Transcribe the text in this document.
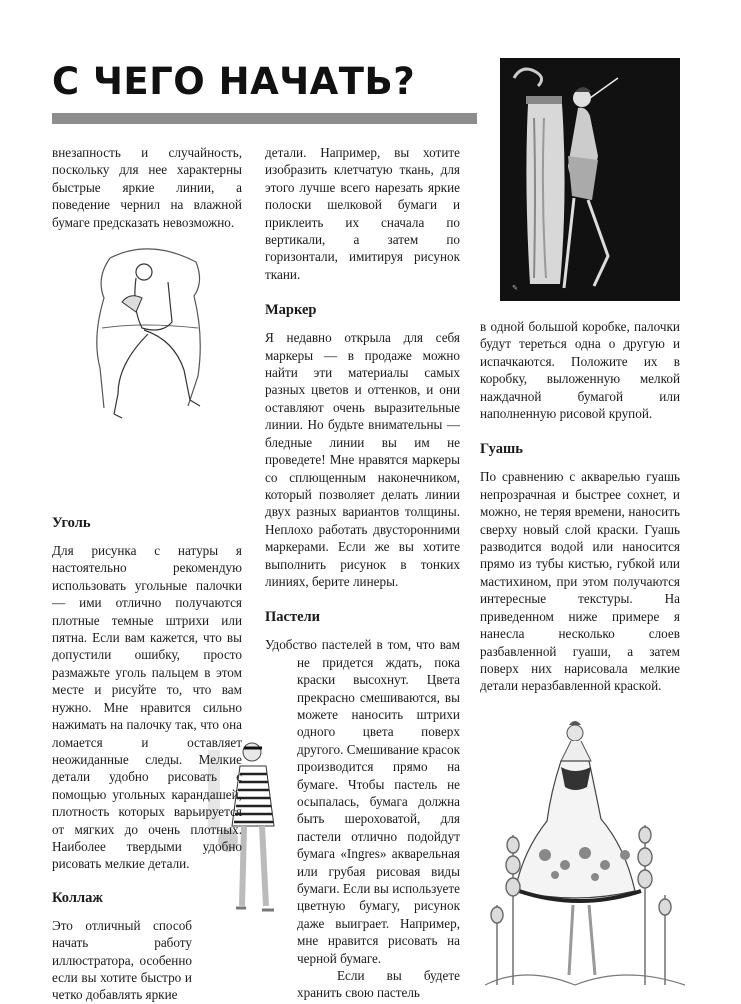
С ЧЕГО НАЧАТЬ?
✎

внезапность и случайность, поскольку для нее характерны быстрые яркие линии, а поведение чернил на влажной бумаге предсказать невозможно.

Уголь

Для рисунка с натуры я настоятельно рекомендую использовать угольные палочки — ими отлично получаются плотные темные штрихи или пятна. Если вам кажется, что вы допустили ошибку, просто размажьте уголь пальцем в этом месте и рисуйте то, что вам нужно. Мне нравится сильно нажимать на палочку так, что она ломается и оставляет неожиданные следы. Мелкие детали удобно рисовать с помощью угольных карандашей, плотность которых варьируется от мягких до очень плотных. Наиболее твердыми удобно рисовать мелкие детали.

Коллаж

Это отличный способ начать работу иллюстратора, особенно если вы хотите быстро и четко добавлять яркие

детали. Например, вы хотите изобразить клетчатую ткань, для этого лучше всего нарезать яркие полоски шелковой бумаги и приклеить их сначала по вертикали, а затем по горизонтали, имитируя рисунок ткани.

Маркер

Я недавно открыла для себя маркеры — в продаже можно найти эти материалы самых разных цветов и оттенков, и они оставляют очень выразительные линии. Но будьте внимательны — бледные линии вы им не проведете! Мне нравятся маркеры со сплющенным наконечником, который позволяет делать линии двух разных вариантов толщины. Неплохо работать двусторонними маркерами. Если же вы хотите выполнить рисунок в тонких линиях, берите линеры.

Пастели

Удобство пастелей в том, что вам не придется ждать, пока краски высохнут. Цвета прекрасно смешиваются, вы можете наносить штрихи одного цвета поверх другого. Смешивание красок производится прямо на бумаге. Чтобы пастель не осыпалась, бумага должна быть шероховатой, для пастели отлично подойдут бумага «Ingres» акварельная или грубая рисовая виды бумаги. Если вы используете цветную бумагу, рисунок даже выиграет. Например, мне нравится рисовать на черной бумаге.

Если вы будете хранить свою пастель

в одной большой коробке, палочки будут тереться одна о другую и испачкаются. Положите их в коробку, выложенную мелкой наждачной бумагой или наполненную рисовой крупой.

Гуашь

По сравнению с акварелью гуашь непрозрачная и быстрее сохнет, и можно, не теряя времени, наносить сверху новый слой краски. Гуашь разводится водой или наносится прямо из тубы кистью, губкой или мастихином, при этом получаются интересные текстуры. На приведенном ниже примере я нанесла несколько слоев разбавленной гуаши, а затем поверх них нарисовала мелкие детали неразбавленной краской.
